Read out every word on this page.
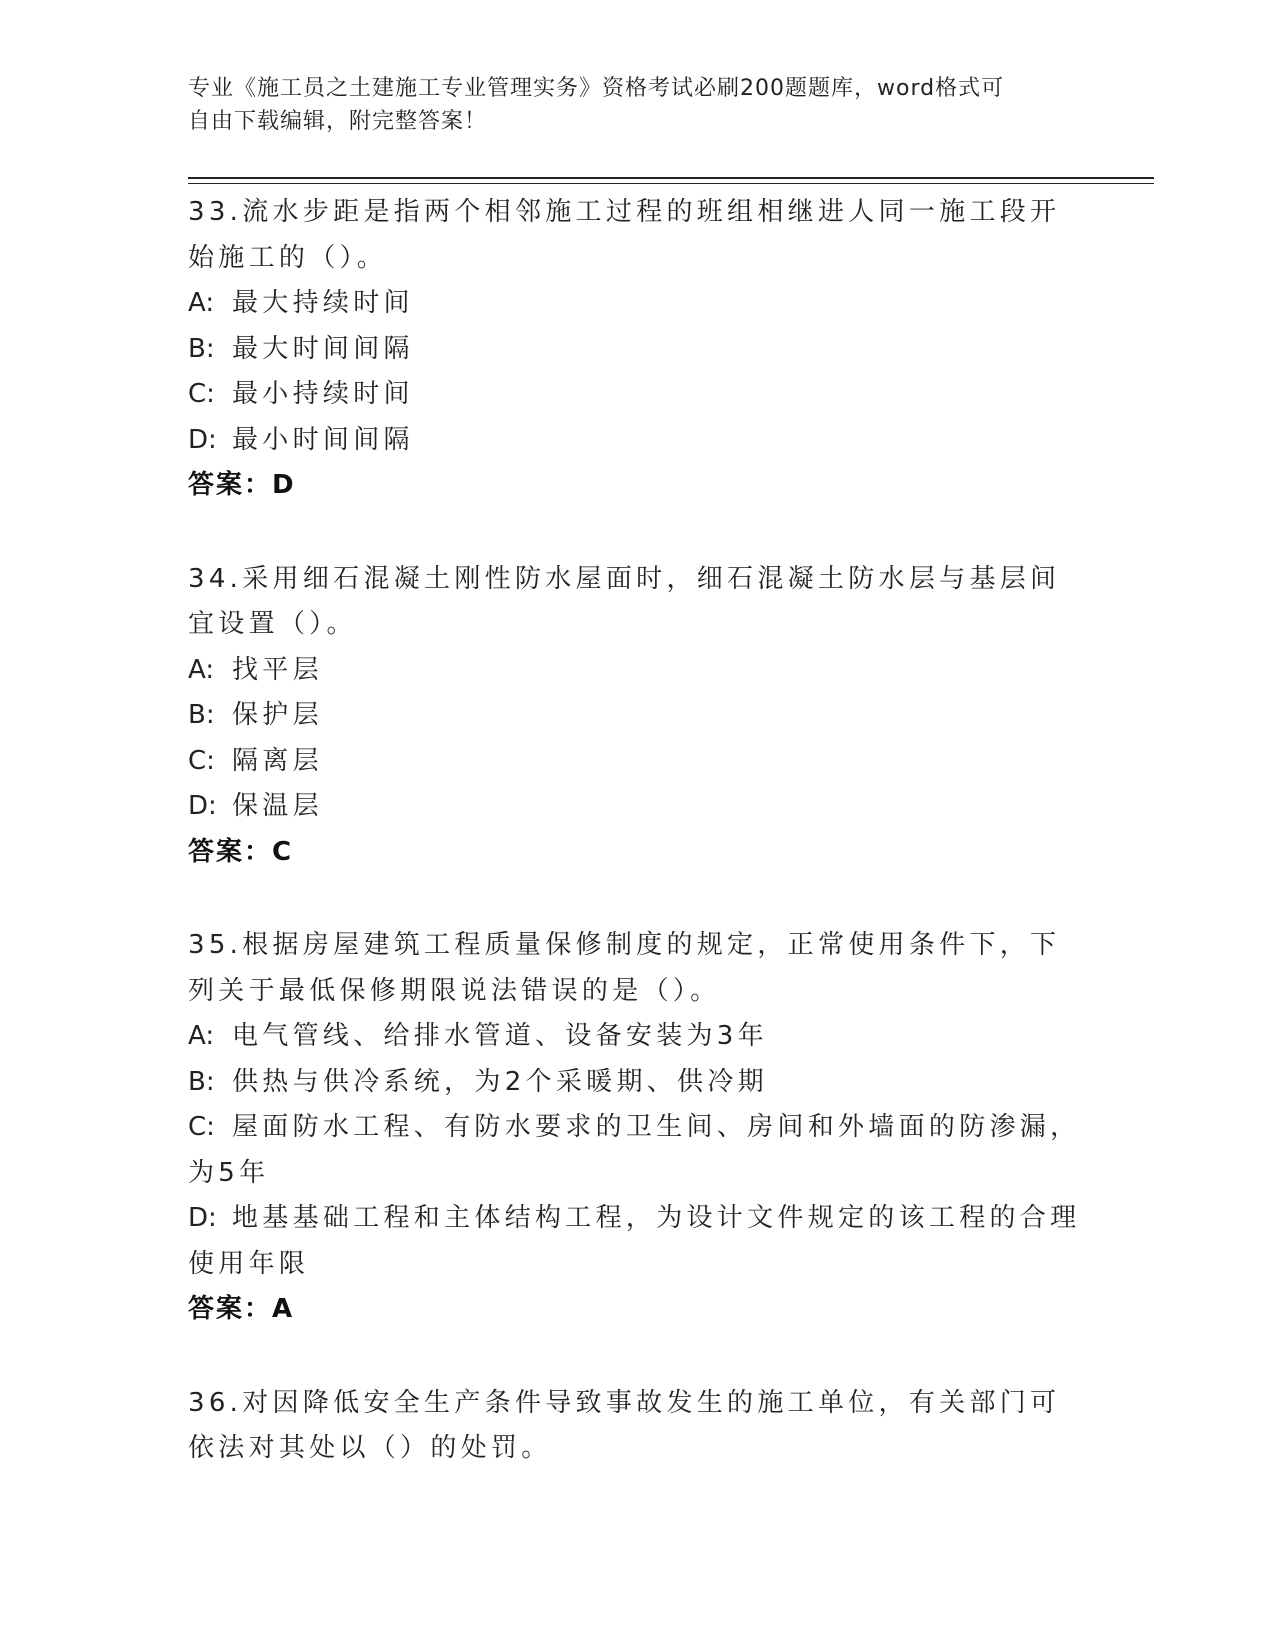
专业《施工员之土建施工专业管理实务》资格考试必刷200题题库，word格式可
自由下载编辑，附完整答案！
33.流水步距是指两个相邻施工过程的班组相继进人同一施工段开始施工的（）。
A: 最大持续时间
B: 最大时间间隔
C: 最小持续时间
D: 最小时间间隔
答案：D
34.采用细石混凝土刚性防水屋面时，细石混凝土防水层与基层间宜设置（）。
A: 找平层
B: 保护层
C: 隔离层
D: 保温层
答案：C
35.根据房屋建筑工程质量保修制度的规定，正常使用条件下，下列关于最低保修期限说法错误的是（）。
A: 电气管线、给排水管道、设备安装为3年
B: 供热与供冷系统，为2个采暖期、供冷期
C: 屋面防水工程、有防水要求的卫生间、房间和外墙面的防渗漏，为5年
D: 地基基础工程和主体结构工程，为设计文件规定的该工程的合理使用年限
答案：A
36.对因降低安全生产条件导致事故发生的施工单位，有关部门可依法对其处以（）的处罚。
